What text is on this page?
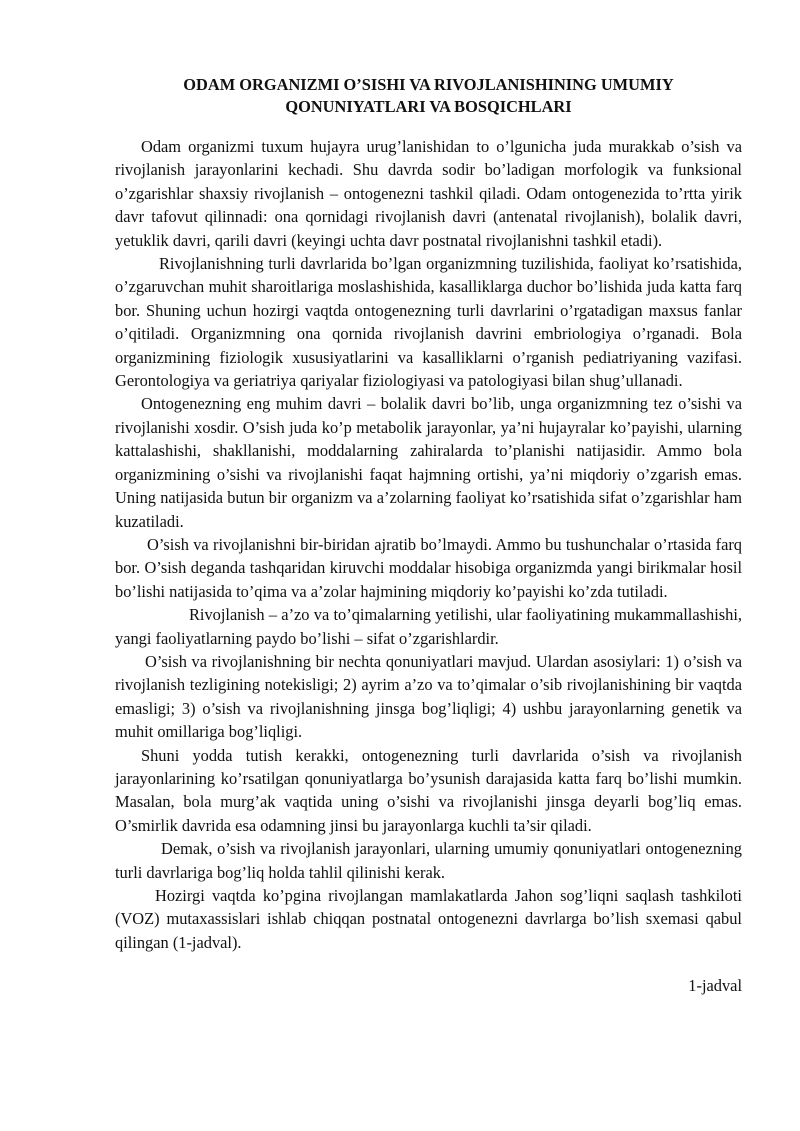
ODAM ORGANIZMI O’SISHI VA RIVOJLANISHINING UMUMIY
QONUNIYATLARI VA BOSQICHLARI

Odam organizmi tuxum hujayra urug’lanishidan to o’lgunicha juda murakkab o’sish va rivojlanish jarayonlarini kechadi. Shu davrda sodir bo’ladigan morfologik va funksional o’zgarishlar shaxsiy rivojlanish – ontogenezni tashkil qiladi. Odam ontogenezida to’rtta yirik davr tafovut qilinnadi: ona qornidagi rivojlanish davri (antenatal rivojlanish), bolalik davri, yetuklik davri, qarili davri (keyingi uchta davr postnatal rivojlanishni tashkil etadi).

Rivojlanishning turli davrlarida bo’lgan organizmning tuzilishida, faoliyat ko’rsatishida, o’zgaruvchan muhit sharoitlariga moslashishida, kasalliklarga duchor bo’lishida juda katta farq bor. Shuning uchun hozirgi vaqtda ontogenezning turli davrlarini o’rgatadigan maxsus fanlar o’qitiladi. Organizmning ona qornida rivojlanish davrini embriologiya o’rganadi. Bola organizmining fiziologik xususiyatlarini va kasalliklarni o’rganish pediatriyaning vazifasi. Gerontologiya va geriatriya qariyalar fiziologiyasi va patologiyasi bilan shug’ullanadi.

Ontogenezning eng muhim davri – bolalik davri bo’lib, unga organizmning tez o’sishi va rivojlanishi xosdir. O’sish juda ko’p metabolik jarayonlar, ya’ni hujayralar ko’payishi, ularning kattalashishi, shakllanishi, moddalarning zahiralarda to’planishi natijasidir. Ammo bola organizmining o’sishi va rivojlanishi faqat hajmning ortishi, ya’ni miqdoriy o’zgarish emas. Uning natijasida butun bir organizm va a’zolarning faoliyat ko’rsatishida sifat o’zgarishlar ham kuzatiladi.

O’sish va rivojlanishni bir-biridan ajratib bo’lmaydi. Ammo bu tushunchalar o’rtasida farq bor. O’sish deganda tashqaridan kiruvchi moddalar hisobiga organizmda yangi birikmalar hosil bo’lishi natijasida to’qima va a’zolar hajmining miqdoriy ko’payishi ko’zda tutiladi.

Rivojlanish – a’zo va to’qimalarning yetilishi, ular faoliyatining mukammallashishi, yangi faoliyatlarning paydo bo’lishi – sifat o’zgarishlardir.

O’sish va rivojlanishning bir nechta qonuniyatlari mavjud. Ulardan asosiylari: 1) o’sish va rivojlanish tezligining notekisligi; 2) ayrim a’zo va to’qimalar o’sib rivojlanishining bir vaqtda emasligi; 3) o’sish va rivojlanishning jinsga bog’liqligi; 4) ushbu jarayonlarning genetik va muhit omillariga bog’liqligi.

Shuni yodda tutish kerakki, ontogenezning turli davrlarida o’sish va rivojlanish jarayonlarining ko’rsatilgan qonuniyatlarga bo’ysunish darajasida katta farq bo’lishi mumkin. Masalan, bola murg’ak vaqtida uning o’sishi va rivojlanishi jinsga deyarli bog’liq emas. O’smirlik davrida esa odamning jinsi bu jarayonlarga kuchli ta’sir qiladi.

Demak, o’sish va rivojlanish jarayonlari, ularning umumiy qonuniyatlari ontogenezning turli davrlariga bog’liq holda tahlil qilinishi kerak.

Hozirgi vaqtda ko’pgina rivojlangan mamlakatlarda Jahon sog’liqni saqlash tashkiloti (VOZ) mutaxassislari ishlab chiqqan postnatal ontogenezni davrlarga bo’lish sxemasi qabul qilingan (1-jadval).

1-jadval
